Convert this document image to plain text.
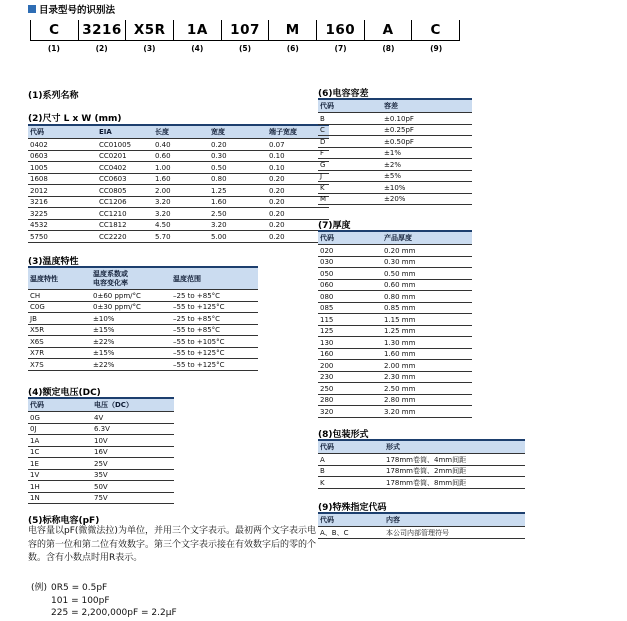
目录型号的识别法
C	3216 X5R	1A	107	M	160	A	C
(1)	(2)	(3)	(4)	(5)	(6)	(7)	(8)	(9)
(1)系列名称
(2)尺寸 L x W (mm)
代码	EIA	长度	宽度	端子宽度
0402	CC01005	0.40	0.20	0.07
0603	CC0201	0.60	0.30	0.10
1005	CC0402	1.00	0.50	0.10
1608	CC0603	1.60	0.80	0.20
2012	CC0805	2.00	1.25	0.20
3216	CC1206	3.20	1.60	0.20
3225	CC1210	3.20	2.50	0.20
4532	CC1812	4.50	3.20	0.20
5750	CC2220	5.70	5.00	0.20
(3)温度特性
温度特性	温度系数或
电容变化率	温度范围
CH	0±60 ppm/°C	–25 to +85°C
C0G	0±30 ppm/°C	–55 to +125°C
JB	±10%	–25 to +85°C
X5R	±15%	–55 to +85°C
X6S	±22%	–55 to +105°C
X7R	±15%	–55 to +125°C
X7S	±22%	–55 to +125°C
(4)额定电压(DC)
代码	电压（DC）
0G	4V
0J	6.3V
1A	10V
1C	16V
1E	25V
1V	35V
1H	50V
1N	75V
(5)标称电容(pF)
电容量以pF(微微法拉)为单位，并用三个文字表示。最初两个文字表示电容的第一位和第二位有效数字。第三个文字表示接在有效数字后的零的个数。含有小数点时用R表示。
(例) 0R5 = 0.5pF
101 = 100pF
225 = 2,200,000pF = 2.2μF
(6)电容容差
代码	容差
B	±0.10pF
C	±0.25pF
D	±0.50pF
F	±1%
G	±2%
J	±5%
K	±10%
M	±20%
(7)厚度
代码	产品厚度
020	0.20 mm
030	0.30 mm
050	0.50 mm
060	0.60 mm
080	0.80 mm
085	0.85 mm
115	1.15 mm
125	1.25 mm
130	1.30 mm
160	1.60 mm
200	2.00 mm
230	2.30 mm
250	2.50 mm
280	2.80 mm
320	3.20 mm
(8)包装形式
代码	形式
A	178mm卷筒、4mm间距
B	178mm卷筒、2mm间距
K	178mm卷筒、8mm间距
(9)特殊指定代码
代码	内容
A、B、C	本公司内部管理符号
